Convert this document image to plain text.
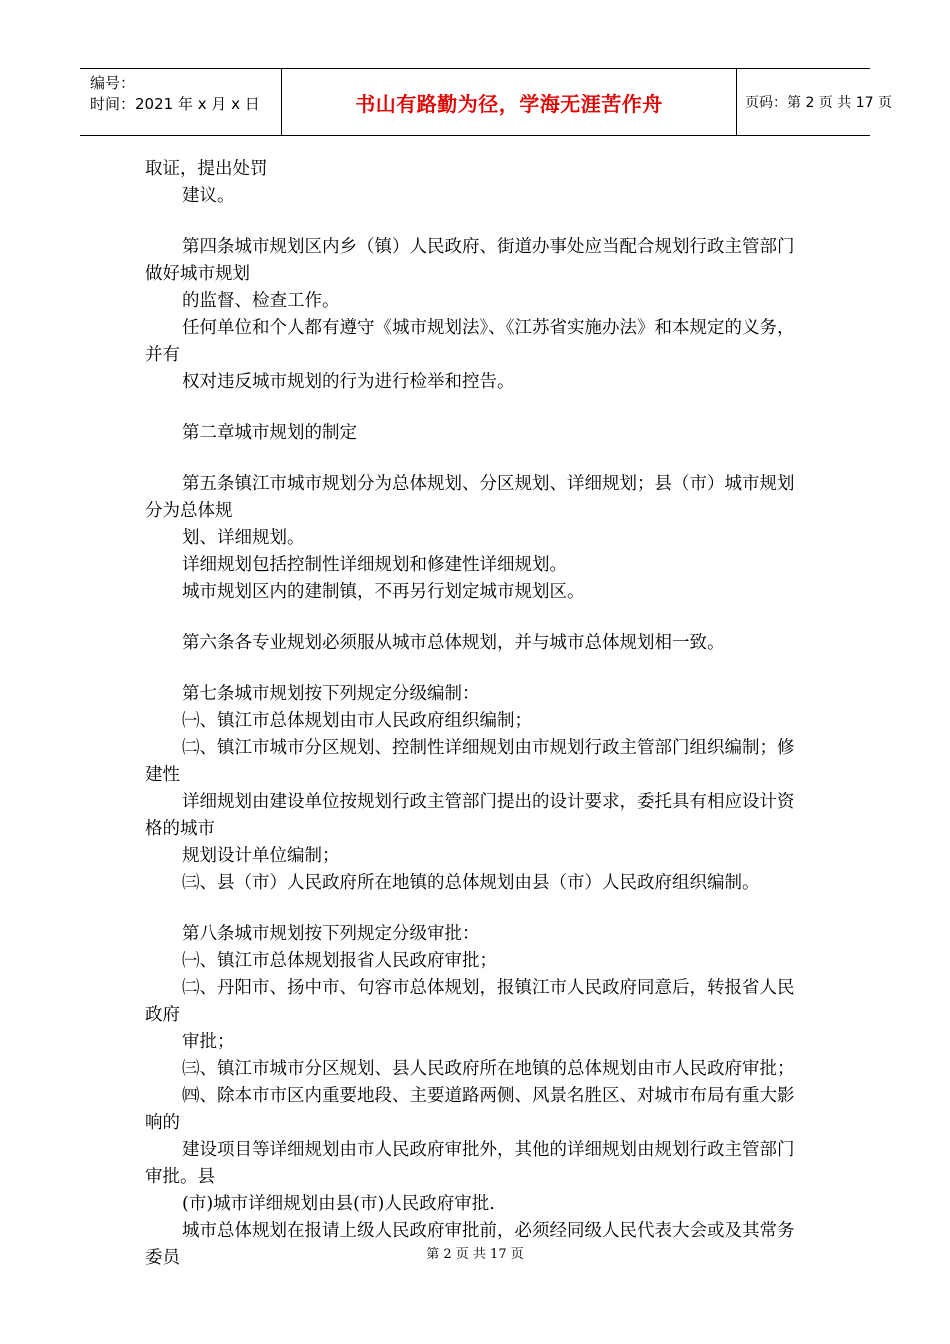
编号：
时间：2021 年 x 月 x 日	书山有路勤为径，学海无涯苦作舟	页码：第 2 页 共 17 页
取证，提出处罚
建议。
第四条城市规划区内乡（镇）人民政府、街道办事处应当配合规划行政主管部门做好城市规划
的监督、检查工作。
任何单位和个人都有遵守《城市规划法》、《江苏省实施办法》和本规定的义务，并有
权对违反城市规划的行为进行检举和控告。
第二章城市规划的制定
第五条镇江市城市规划分为总体规划、分区规划、详细规划；县（市）城市规划分为总体规
划、详细规划。
详细规划包括控制性详细规划和修建性详细规划。
城市规划区内的建制镇，不再另行划定城市规划区。
第六条各专业规划必须服从城市总体规划，并与城市总体规划相一致。
第七条城市规划按下列规定分级编制：
㈠、镇江市总体规划由市人民政府组织编制；
㈡、镇江市城市分区规划、控制性详细规划由市规划行政主管部门组织编制；修建性
详细规划由建设单位按规划行政主管部门提出的设计要求，委托具有相应设计资格的城市
规划设计单位编制；
㈢、县（市）人民政府所在地镇的总体规划由县（市）人民政府组织编制。
第八条城市规划按下列规定分级审批：
㈠、镇江市总体规划报省人民政府审批；
㈡、丹阳市、扬中市、句容市总体规划，报镇江市人民政府同意后，转报省人民政府
审批；
㈢、镇江市城市分区规划、县人民政府所在地镇的总体规划由市人民政府审批；
㈣、除本市市区内重要地段、主要道路两侧、风景名胜区、对城市布局有重大影响的
建设项目等详细规划由市人民政府审批外，其他的详细规划由规划行政主管部门审批。县
(市)城市详细规划由县(市)人民政府审批.
城市总体规划在报请上级人民政府审批前，必须经同级人民代表大会或及其常务委员	第 2 页 共 17 页
